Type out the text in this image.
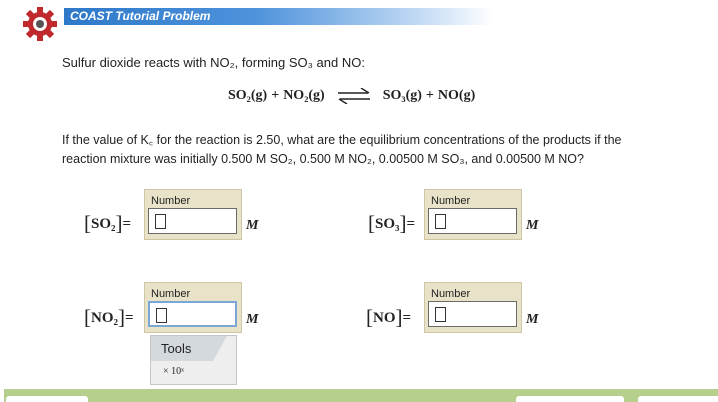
COAST Tutorial Problem
Sulfur dioxide reacts with NO₂, forming SO₃ and NO:
SO₂(g) + NO₂(g) ⇌ SO₃(g) + NO(g)
If the value of K꜀ for the reaction is 2.50, what are the equilibrium concentrations of the products if the reaction mixture was initially 0.500 M SO₂, 0.500 M NO₂, 0.00500 M SO₃, and 0.00500 M NO?
[SO₂]=
Number
M	[SO₃]=
Number
M
[NO₂]=
Number
M
Tools
× 10ˣ
[NO]=
Number
M
